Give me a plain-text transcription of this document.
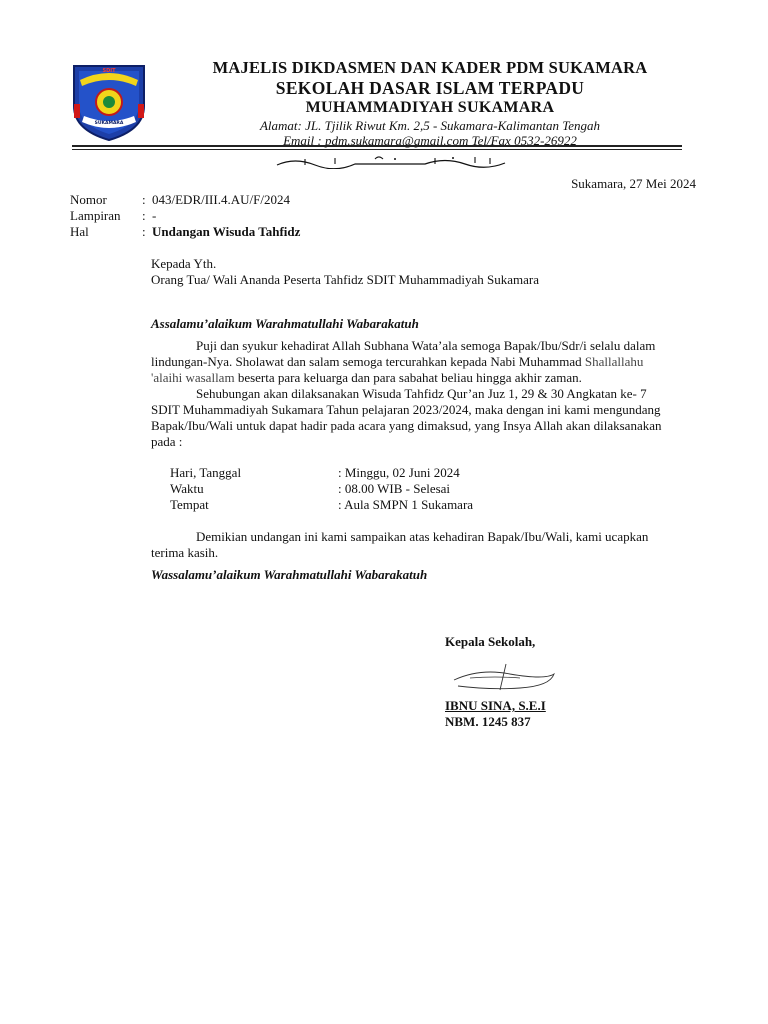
SDIT
SUKAMARA
MAJELIS DIKDASMEN DAN KADER PDM SUKAMARA
SEKOLAH DASAR ISLAM TERPADU
MUHAMMADIYAH SUKAMARA
Alamat: JL. Tjilik Riwut Km. 2,5 - Sukamara-Kalimantan Tengah
Email : pdm.sukamara@gmail.com Tel/Fax 0532-26922
Sukamara, 27 Mei 2024
Nomor	: 043/EDR/III.4.AU/F/2024
Lampiran : -
Hal	: Undangan Wisuda Tahfidz
Kepada Yth.
Orang Tua/ Wali Ananda Peserta Tahfidz SDIT Muhammadiyah Sukamara
Assalamu’alaikum Warahmatullahi Wabarakatuh
Puji dan syukur kehadirat Allah Subhana Wata’ala semoga Bapak/Ibu/Sdr/i selalu dalam
lindungan-Nya. Sholawat dan salam semoga tercurahkan kepada Nabi Muhammad Shallallahu
'alaihi wasallam beserta para keluarga dan para sabahat beliau hingga akhir zaman.
Sehubungan akan dilaksanakan Wisuda Tahfidz Qur’an Juz 1, 29 & 30 Angkatan ke- 7
SDIT Muhammadiyah Sukamara Tahun pelajaran 2023/2024, maka dengan ini kami mengundang
Bapak/Ibu/Wali untuk dapat hadir pada acara yang dimaksud, yang Insya Allah akan dilaksanakan
pada :
Hari, Tanggal	: Minggu, 02 Juni 2024
Waktu	: 08.00 WIB - Selesai
Tempat	: Aula SMPN 1 Sukamara
Demikian undangan ini kami sampaikan atas kehadiran Bapak/Ibu/Wali, kami ucapkan
terima kasih.
Wassalamu’alaikum Warahmatullahi Wabarakatuh
Kepala Sekolah,
IBNU SINA, S.E.I
NBM. 1245 837
